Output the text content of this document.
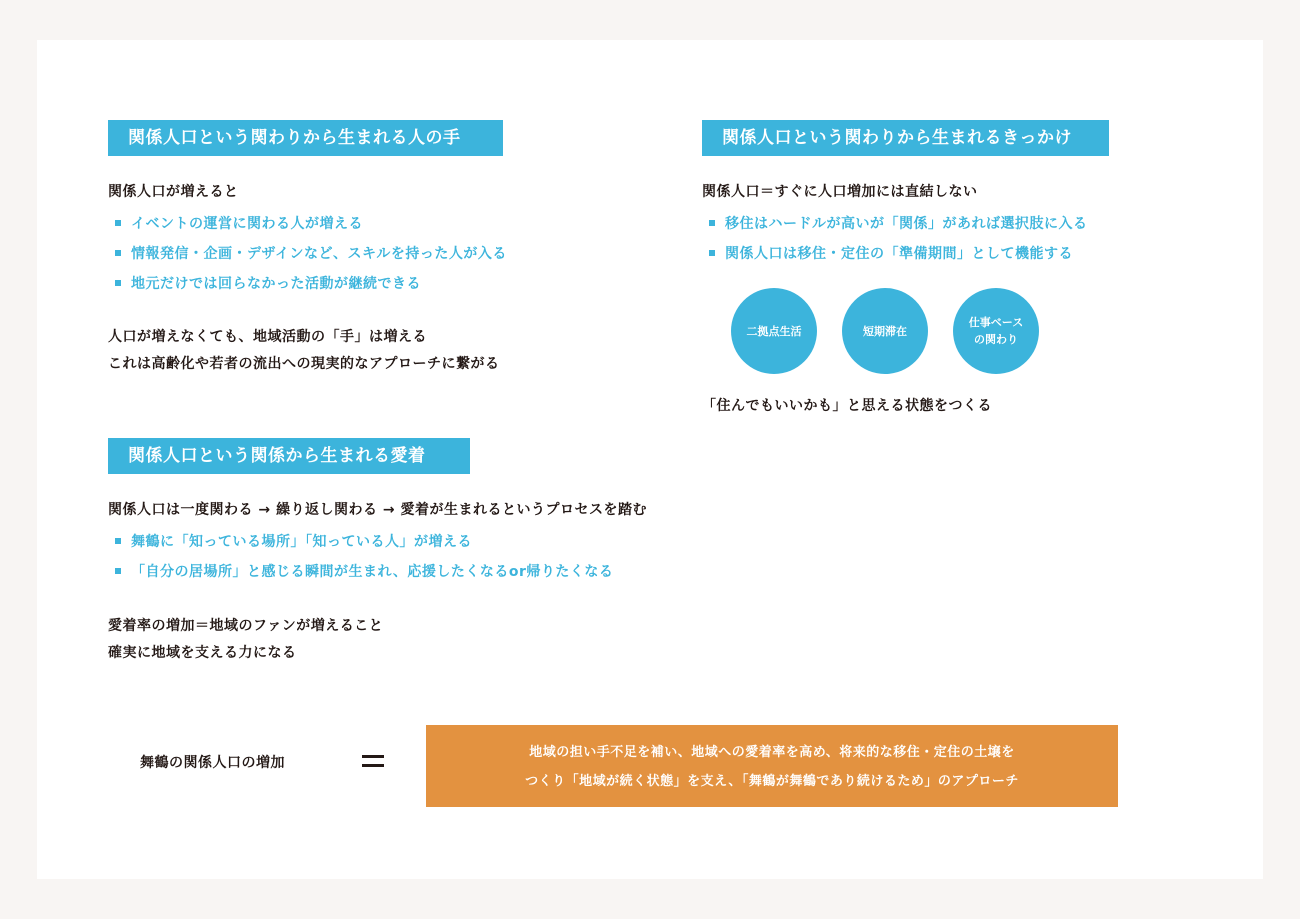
関係人口という関わりから生まれる人の手
関係人口が増えると
イベントの運営に関わる人が増える
情報発信・企画・デザインなど、スキルを持った人が入る
地元だけでは回らなかった活動が継続できる
人口が増えなくても、地域活動の「手」は増える
これは高齢化や若者の流出への現実的なアプローチに繋がる
関係人口という関わりから生まれるきっかけ
関係人口＝すぐに人口増加には直結しない
移住はハードルが高いが「関係」があれば選択肢に入る
関係人口は移住・定住の「準備期間」として機能する
二拠点生活	短期滞在
仕事ベース
の関わり
「住んでもいいかも」と思える状態をつくる
関係人口という関係から生まれる愛着
関係人口は一度関わる → 繰り返し関わる → 愛着が生まれるというプロセスを踏む
舞鶴に「知っている場所」「知っている人」が増える
「自分の居場所」と感じる瞬間が生まれ、応援したくなるor帰りたくなる
愛着率の増加＝地域のファンが増えること
確実に地域を支える力になる
舞鶴の関係人口の増加
地域の担い手不足を補い、地域への愛着率を高め、将来的な移住・定住の土壌を
つくり「地域が続く状態」を支え、「舞鶴が舞鶴であり続けるため」のアプローチ
